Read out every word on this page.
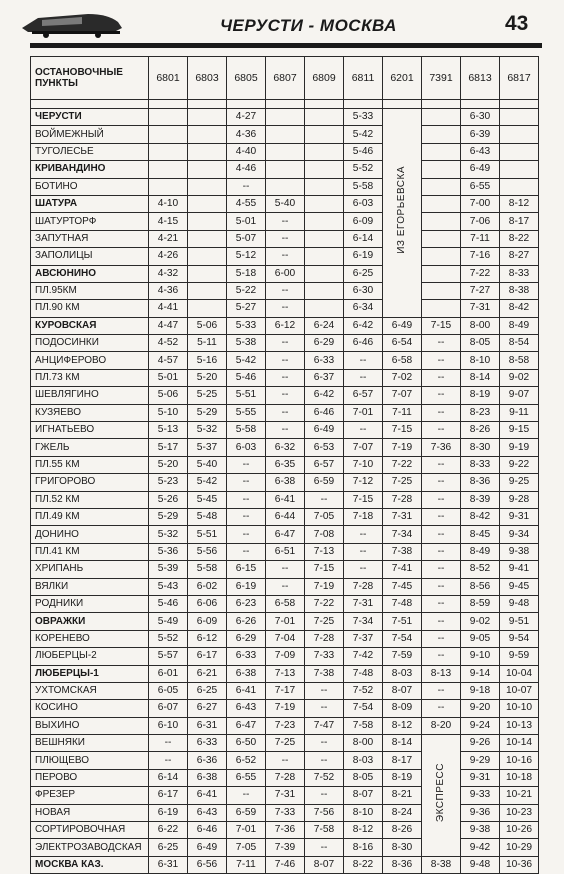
ЧЕРУСТИ - МОСКВА	43
ОСТАНОВОЧНЫЕ ПУНКТЫ	6801	6803	6805	6807	6809	6811	6201	7391	6813	6817

ЧЕРУСТИ			4-27			5-33	ИЗ ЕГОРЬЕВСКА		6-30	
ВОЙМЕЖНЫЙ			4-36			5-42			6-39	
ТУГОЛЕСЬЕ			4-40			5-46			6-43	
КРИВАНДИНО			4-46			5-52			6-49	
БОТИНО			--			5-58			6-55	
ШАТУРА	4-10		4-55	5-40		6-03			7-00	8-12
ШАТУРТОРФ	4-15		5-01	--		6-09			7-06	8-17
ЗАПУТНАЯ	4-21		5-07	--		6-14			7-11	8-22
ЗАПОЛИЦЫ	4-26		5-12	--		6-19			7-16	8-27
АВСЮНИНО	4-32		5-18	6-00		6-25			7-22	8-33
ПЛ.95КМ	4-36		5-22	--		6-30			7-27	8-38
ПЛ.90 КМ	4-41		5-27	--		6-34			7-31	8-42
КУРОВСКАЯ	4-47	5-06	5-33	6-12	6-24	6-42	6-49	7-15	8-00	8-49
ПОДОСИНКИ	4-52	5-11	5-38	--	6-29	6-46	6-54	--	8-05	8-54
АНЦИФЕРОВО	4-57	5-16	5-42	--	6-33	--	6-58	--	8-10	8-58
ПЛ.73 КМ	5-01	5-20	5-46	--	6-37	--	7-02	--	8-14	9-02
ШЕВЛЯГИНО	5-06	5-25	5-51	--	6-42	6-57	7-07	--	8-19	9-07
КУЗЯЕВО	5-10	5-29	5-55	--	6-46	7-01	7-11	--	8-23	9-11
ИГНАТЬЕВО	5-13	5-32	5-58	--	6-49	--	7-15	--	8-26	9-15
ГЖЕЛЬ	5-17	5-37	6-03	6-32	6-53	7-07	7-19	7-36	8-30	9-19
ПЛ.55 КМ	5-20	5-40	--	6-35	6-57	7-10	7-22	--	8-33	9-22
ГРИГОРОВО	5-23	5-42	--	6-38	6-59	7-12	7-25	--	8-36	9-25
ПЛ.52 КМ	5-26	5-45	--	6-41	--	7-15	7-28	--	8-39	9-28
ПЛ.49 КМ	5-29	5-48	--	6-44	7-05	7-18	7-31	--	8-42	9-31
ДОНИНО	5-32	5-51	--	6-47	7-08	--	7-34	--	8-45	9-34
ПЛ.41 КМ	5-36	5-56	--	6-51	7-13	--	7-38	--	8-49	9-38
ХРИПАНЬ	5-39	5-58	6-15	--	7-15	--	7-41	--	8-52	9-41
ВЯЛКИ	5-43	6-02	6-19	--	7-19	7-28	7-45	--	8-56	9-45
РОДНИКИ	5-46	6-06	6-23	6-58	7-22	7-31	7-48	--	8-59	9-48
ОВРАЖКИ	5-49	6-09	6-26	7-01	7-25	7-34	7-51	--	9-02	9-51
КОРЕНЕВО	5-52	6-12	6-29	7-04	7-28	7-37	7-54	--	9-05	9-54
ЛЮБЕРЦЫ-2	5-57	6-17	6-33	7-09	7-33	7-42	7-59	--	9-10	9-59
ЛЮБЕРЦЫ-1	6-01	6-21	6-38	7-13	7-38	7-48	8-03	8-13	9-14	10-04
УХТОМСКАЯ	6-05	6-25	6-41	7-17	--	7-52	8-07	--	9-18	10-07
КОСИНО	6-07	6-27	6-43	7-19	--	7-54	8-09	--	9-20	10-10
ВЫХИНО	6-10	6-31	6-47	7-23	7-47	7-58	8-12	8-20	9-24	10-13
ВЕШНЯКИ	--	6-33	6-50	7-25	--	8-00	8-14	ЭКСПРЕСС	9-26	10-14
ПЛЮЩЕВО	--	6-36	6-52	--	--	8-03	8-17		9-29	10-16
ПЕРОВО	6-14	6-38	6-55	7-28	7-52	8-05	8-19		9-31	10-18
ФРЕЗЕР	6-17	6-41	--	7-31	--	8-07	8-21		9-33	10-21
НОВАЯ	6-19	6-43	6-59	7-33	7-56	8-10	8-24		9-36	10-23
СОРТИРОВОЧНАЯ	6-22	6-46	7-01	7-36	7-58	8-12	8-26		9-38	10-26
ЭЛЕКТРОЗАВОДСКАЯ	6-25	6-49	7-05	7-39	--	8-16	8-30		9-42	10-29
МОСКВА КАЗ.	6-31	6-56	7-11	7-46	8-07	8-22	8-36	8-38	9-48	10-36
